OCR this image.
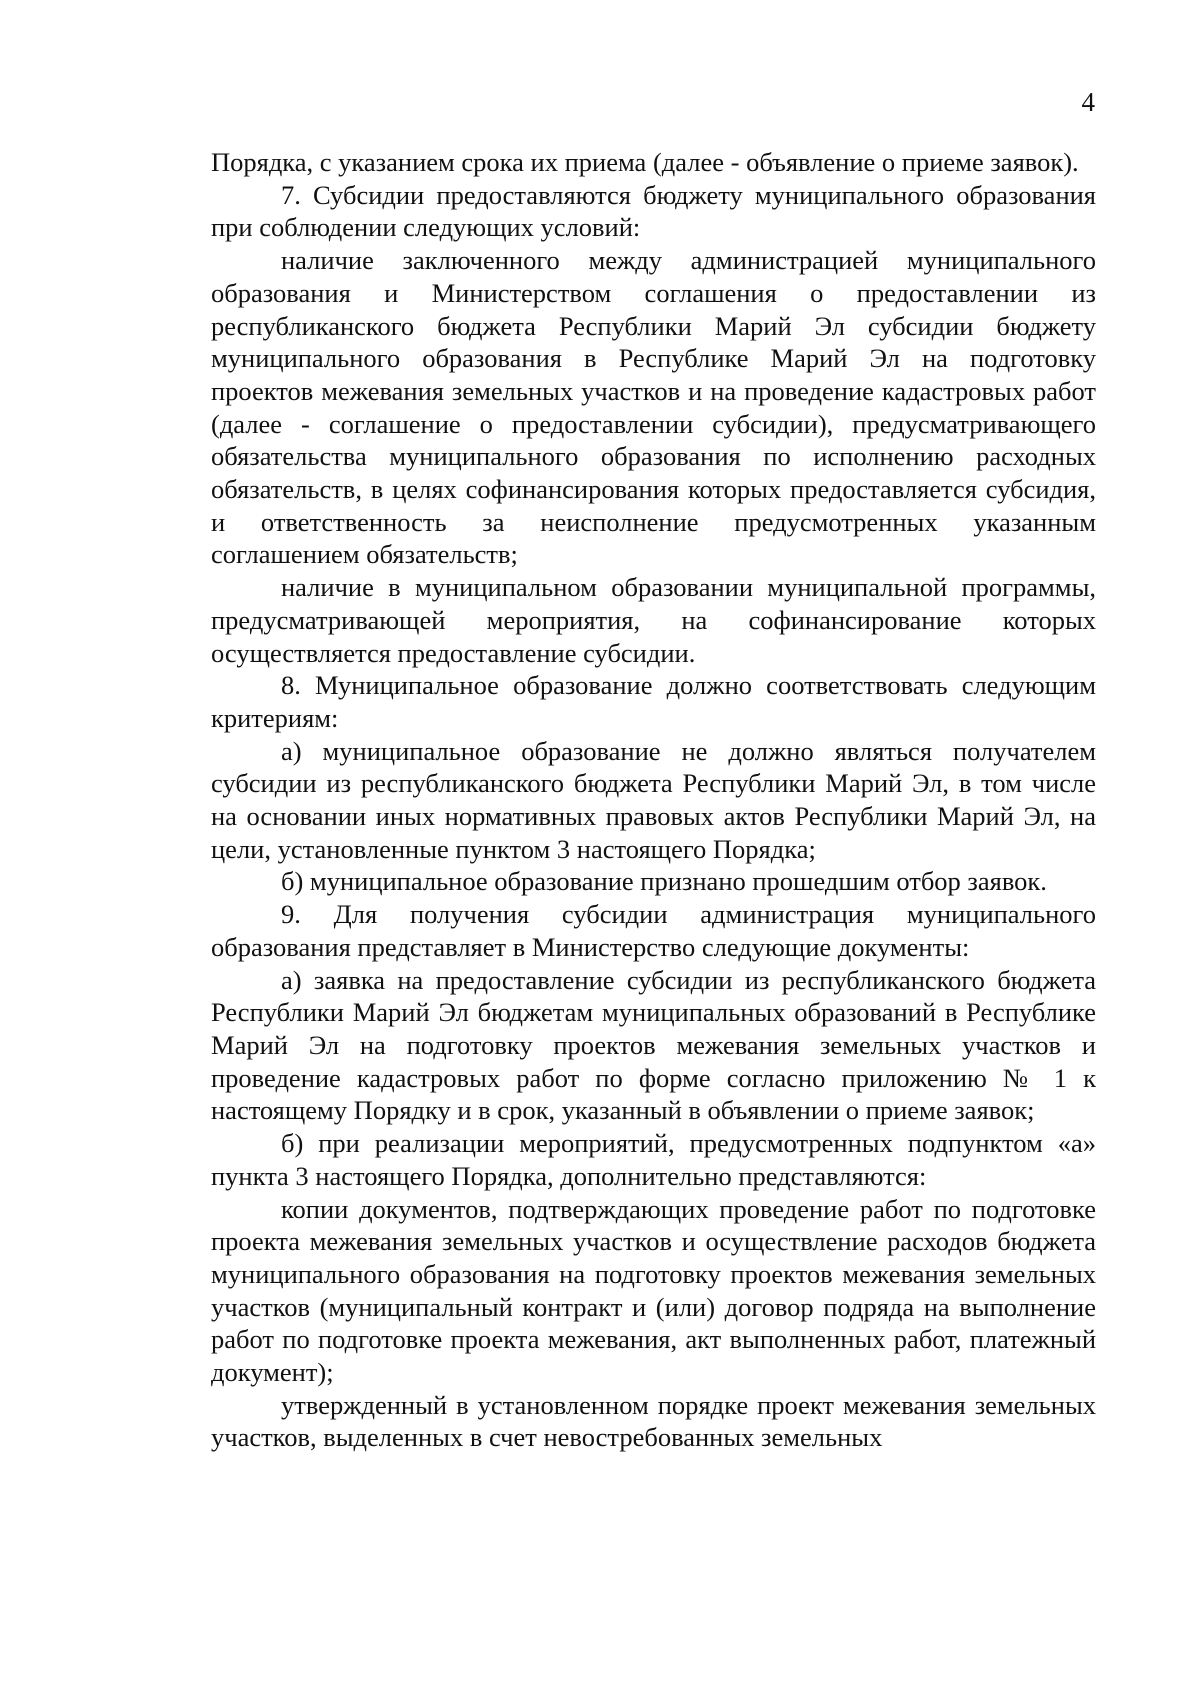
4

Порядка, с указанием срока их приема (далее - объявление о приеме заявок).

7. Субсидии предоставляются бюджету муниципального образования при соблюдении следующих условий:

наличие заключенного между администрацией муниципального образования и Министерством соглашения о предоставлении из республиканского бюджета Республики Марий Эл субсидии бюджету муниципального образования в Республике Марий Эл на подготовку проектов межевания земельных участков и на проведение кадастровых работ (далее - соглашение о предоставлении субсидии), предусматривающего обязательства муниципального образования по исполнению расходных обязательств, в целях софинансирования которых предоставляется субсидия, и ответственность за неисполнение предусмотренных указанным соглашением обязательств;

наличие в муниципальном образовании муниципальной программы, предусматривающей мероприятия, на софинансирование которых осуществляется предоставление субсидии.

8. Муниципальное образование должно соответствовать следующим критериям:

а) муниципальное образование не должно являться получателем субсидии из республиканского бюджета Республики Марий Эл, в том числе на основании иных нормативных правовых актов Республики Марий Эл, на цели, установленные пунктом 3 настоящего Порядка;

б) муниципальное образование признано прошедшим отбор заявок.

9. Для получения субсидии администрация муниципального образования представляет в Министерство следующие документы:

а) заявка на предоставление субсидии из республиканского бюджета Республики Марий Эл бюджетам муниципальных образований в Республике Марий Эл на подготовку проектов межевания земельных участков и проведение кадастровых работ по форме согласно приложению № 1 к настоящему Порядку и в срок, указанный в объявлении о приеме заявок;

б) при реализации мероприятий, предусмотренных подпунктом «а» пункта 3 настоящего Порядка, дополнительно представляются:

копии документов, подтверждающих проведение работ по подготовке проекта межевания земельных участков и осуществление расходов бюджета муниципального образования на подготовку проектов межевания земельных участков (муниципальный контракт и (или) договор подряда на выполнение работ по подготовке проекта межевания, акт выполненных работ, платежный документ);

утвержденный в установленном порядке проект межевания земельных участков, выделенных в счет невостребованных земельных
